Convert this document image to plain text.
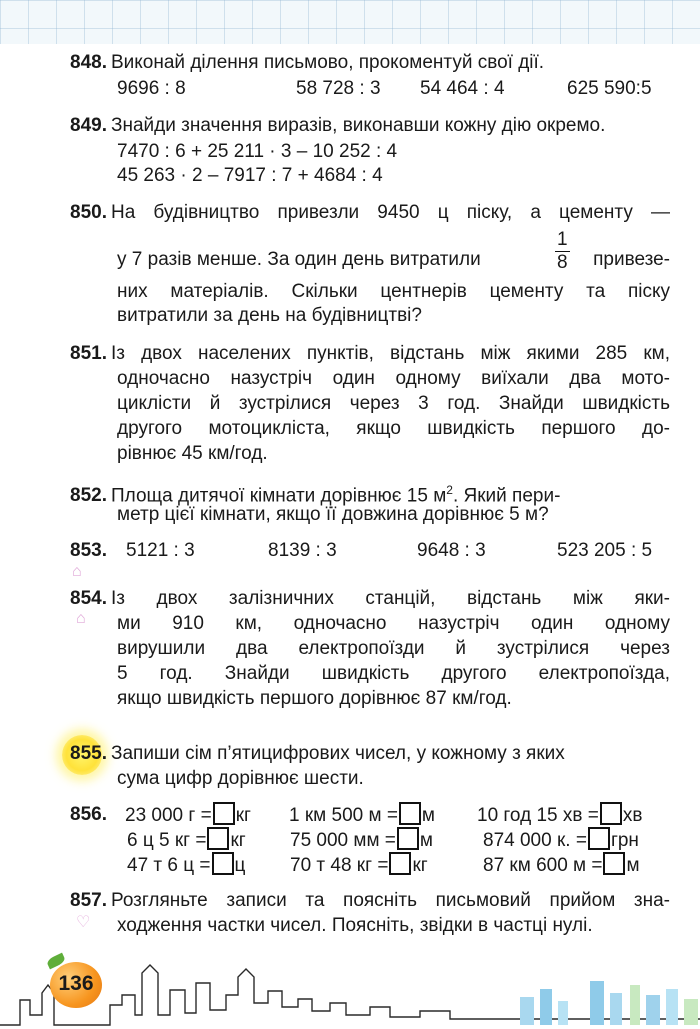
848. Виконай ділення письмово, прокоментуй свої дії.
9696 : 8	58 728 : 3 54 464 : 4	625 590:5
849. Знайди значення виразів, виконавши кожну дію окремо.
7470 : 6 + 25 211 · 3 – 10 252 : 4
45 263 · 2 – 7917 : 7 + 4684 : 4
850. На будівництво привезли 9450 ц піску, а цементу —
у 7 разів менше. За один день витратили	$\frac{1}{8}$ привезе-
них матеріалів. Скільки центнерів цементу та піску
витратили за день на будівництві?
851. Із двох населених пунктів, відстань між якими 285 км,
одночасно назустріч один одному виїхали два мото-
циклісти й зустрілися через 3 год. Знайди швидкість
другого мотоцикліста, якщо швидкість першого до-
рівнює 45 км/год.
852. Площа дитячої кімнати дорівнює 15 $м^2$. Який пери-
метр цієї кімнати, якщо її довжина дорівнює 5 м?
853. 5121 : 3	8139 : 3	9648 : 3	523 205 : 5
⌂
854. Із двох залізничних станцій, відстань між яки-
⌂ ми 910 км, одночасно назустріч один одному
вирушили два електропоїзди й зустрілися через
5 год. Знайди швидкість другого електропоїзда,
якщо швидкість першого дорівнює 87 км/год.
855. Запиши сім п’ятицифрових чисел, у кожному з яких
сума цифр дорівнює шести.
856. 23 000 г = кг 1 км 500 м = м 10 год 15 хв = хв
6 ц 5 кг = кг 75 000 мм = м	874 000 к. = грн
47 т 6 ц = ц 70 т 48 кг = кг	87 км 600 м = м
857. Розгляньте записи та поясніть письмовий прийом зна-
ходження частки чисел. Поясніть, звідки в частці нулі.
♡
136
